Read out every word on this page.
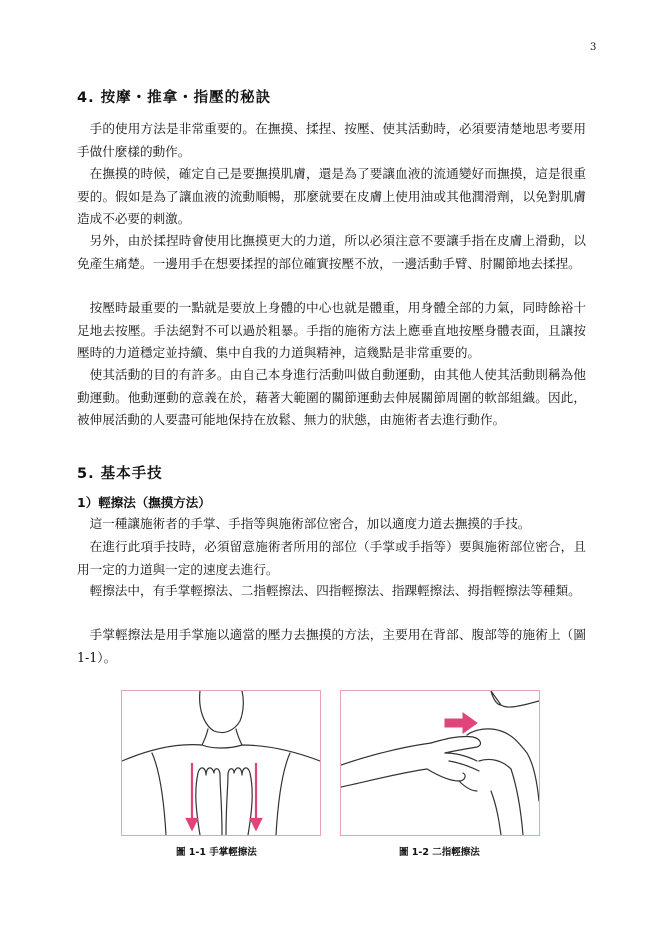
3
4. 按摩・推拿・指壓的秘訣

手的使用方法是非常重要的。在撫摸、揉捏、按壓、使其活動時，必須要清楚地思考要用手做什麼樣的動作。

在撫摸的時候，確定自己是要撫摸肌膚，還是為了要讓血液的流通變好而撫摸，這是很重要的。假如是為了讓血液的流動順暢，那麼就要在皮膚上使用油或其他潤滑劑，以免對肌膚造成不必要的刺激。

另外，由於揉捏時會使用比撫摸更大的力道，所以必須注意不要讓手指在皮膚上滑動，以免產生痛楚。一邊用手在想要揉捏的部位確實按壓不放，一邊活動手臂、肘關節地去揉捏。

按壓時最重要的一點就是要放上身體的中心也就是體重，用身體全部的力氣，同時餘裕十足地去按壓。手法絕對不可以過於粗暴。手指的施術方法上應垂直地按壓身體表面，且讓按壓時的力道穩定並持續、集中自我的力道與精神，這幾點是非常重要的。

使其活動的目的有許多。由自己本身進行活動叫做自動運動，由其他人使其活動則稱為他動運動。他動運動的意義在於，藉著大範圍的關節運動去伸展關節周圍的軟部組織。因此，被伸展活動的人要盡可能地保持在放鬆、無力的狀態，由施術者去進行動作。

5. 基本手技
1）輕擦法（撫摸方法）

這一種讓施術者的手掌、手指等與施術部位密合，加以適度力道去撫摸的手技。

在進行此項手技時，必須留意施術者所用的部位（手掌或手指等）要與施術部位密合，且用一定的力道與一定的速度去進行。

輕擦法中，有手掌輕擦法、二指輕擦法、四指輕擦法、指踝輕擦法、拇指輕擦法等種類。

手掌輕擦法是用手掌施以適當的壓力去撫摸的方法，主要用在背部、腹部等的施術上（圖 1-1）。

圖 1-1 手掌輕擦法	圖 1-2 二指輕擦法
